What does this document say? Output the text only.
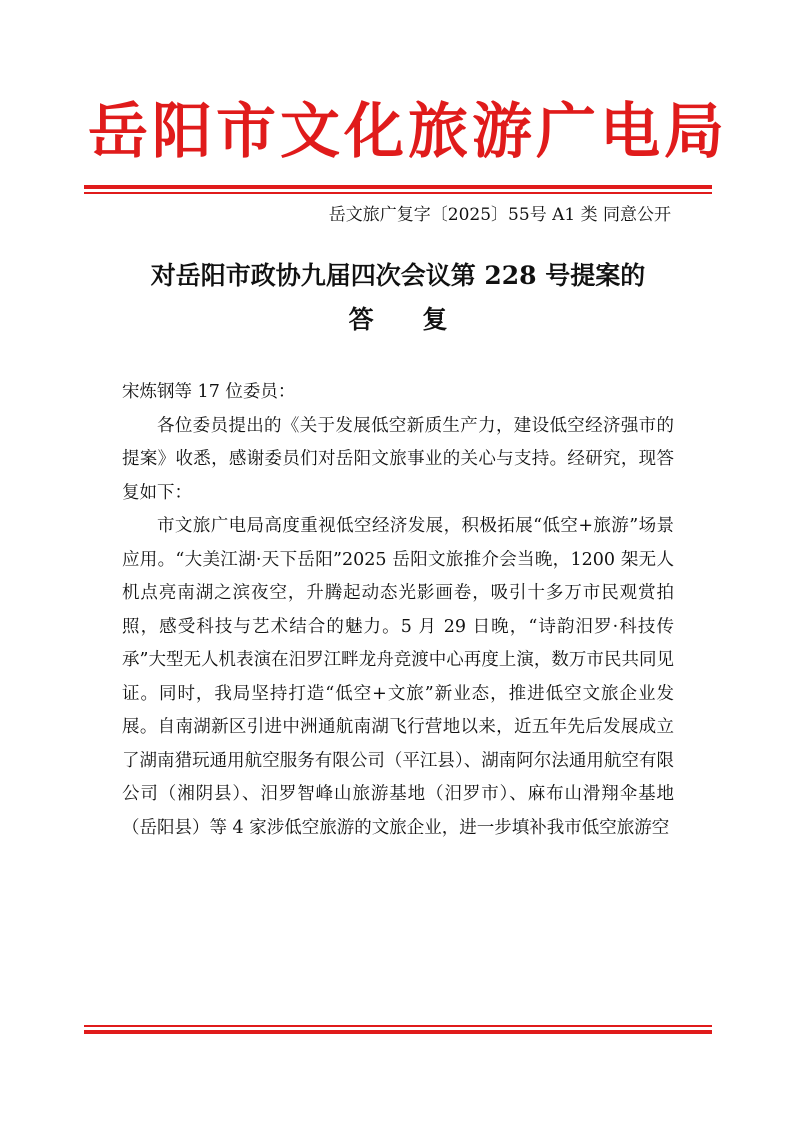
岳阳市文化旅游广电局
岳文旅广复字〔2025〕55号 A1 类 同意公开
对岳阳市政协九届四次会议第 228 号提案的
答 复

宋炼钢等 17 位委员：

各位委员提出的《关于发展低空新质生产力，建设低空经济强市的提案》收悉，感谢委员们对岳阳文旅事业的关心与支持。经研究，现答复如下：

市文旅广电局高度重视低空经济发展，积极拓展“低空+旅游”场景应用。“大美江湖·天下岳阳”2025 岳阳文旅推介会当晚，1200 架无人机点亮南湖之滨夜空，升腾起动态光影画卷，吸引十多万市民观赏拍照，感受科技与艺术结合的魅力。5 月 29 日晚，“诗韵汨罗·科技传承”大型无人机表演在汨罗江畔龙舟竞渡中心再度上演，数万市民共同见证。同时，我局坚持打造“低空+文旅”新业态，推进低空文旅企业发展。自南湖新区引进中洲通航南湖飞行营地以来，近五年先后发展成立了湖南猎玩通用航空服务有限公司（平江县）、湖南阿尔法通用航空有限公司（湘阴县）、汨罗智峰山旅游基地（汨罗市）、麻布山滑翔伞基地（岳阳县）等 4 家涉低空旅游的文旅企业，进一步填补我市低空旅游空
